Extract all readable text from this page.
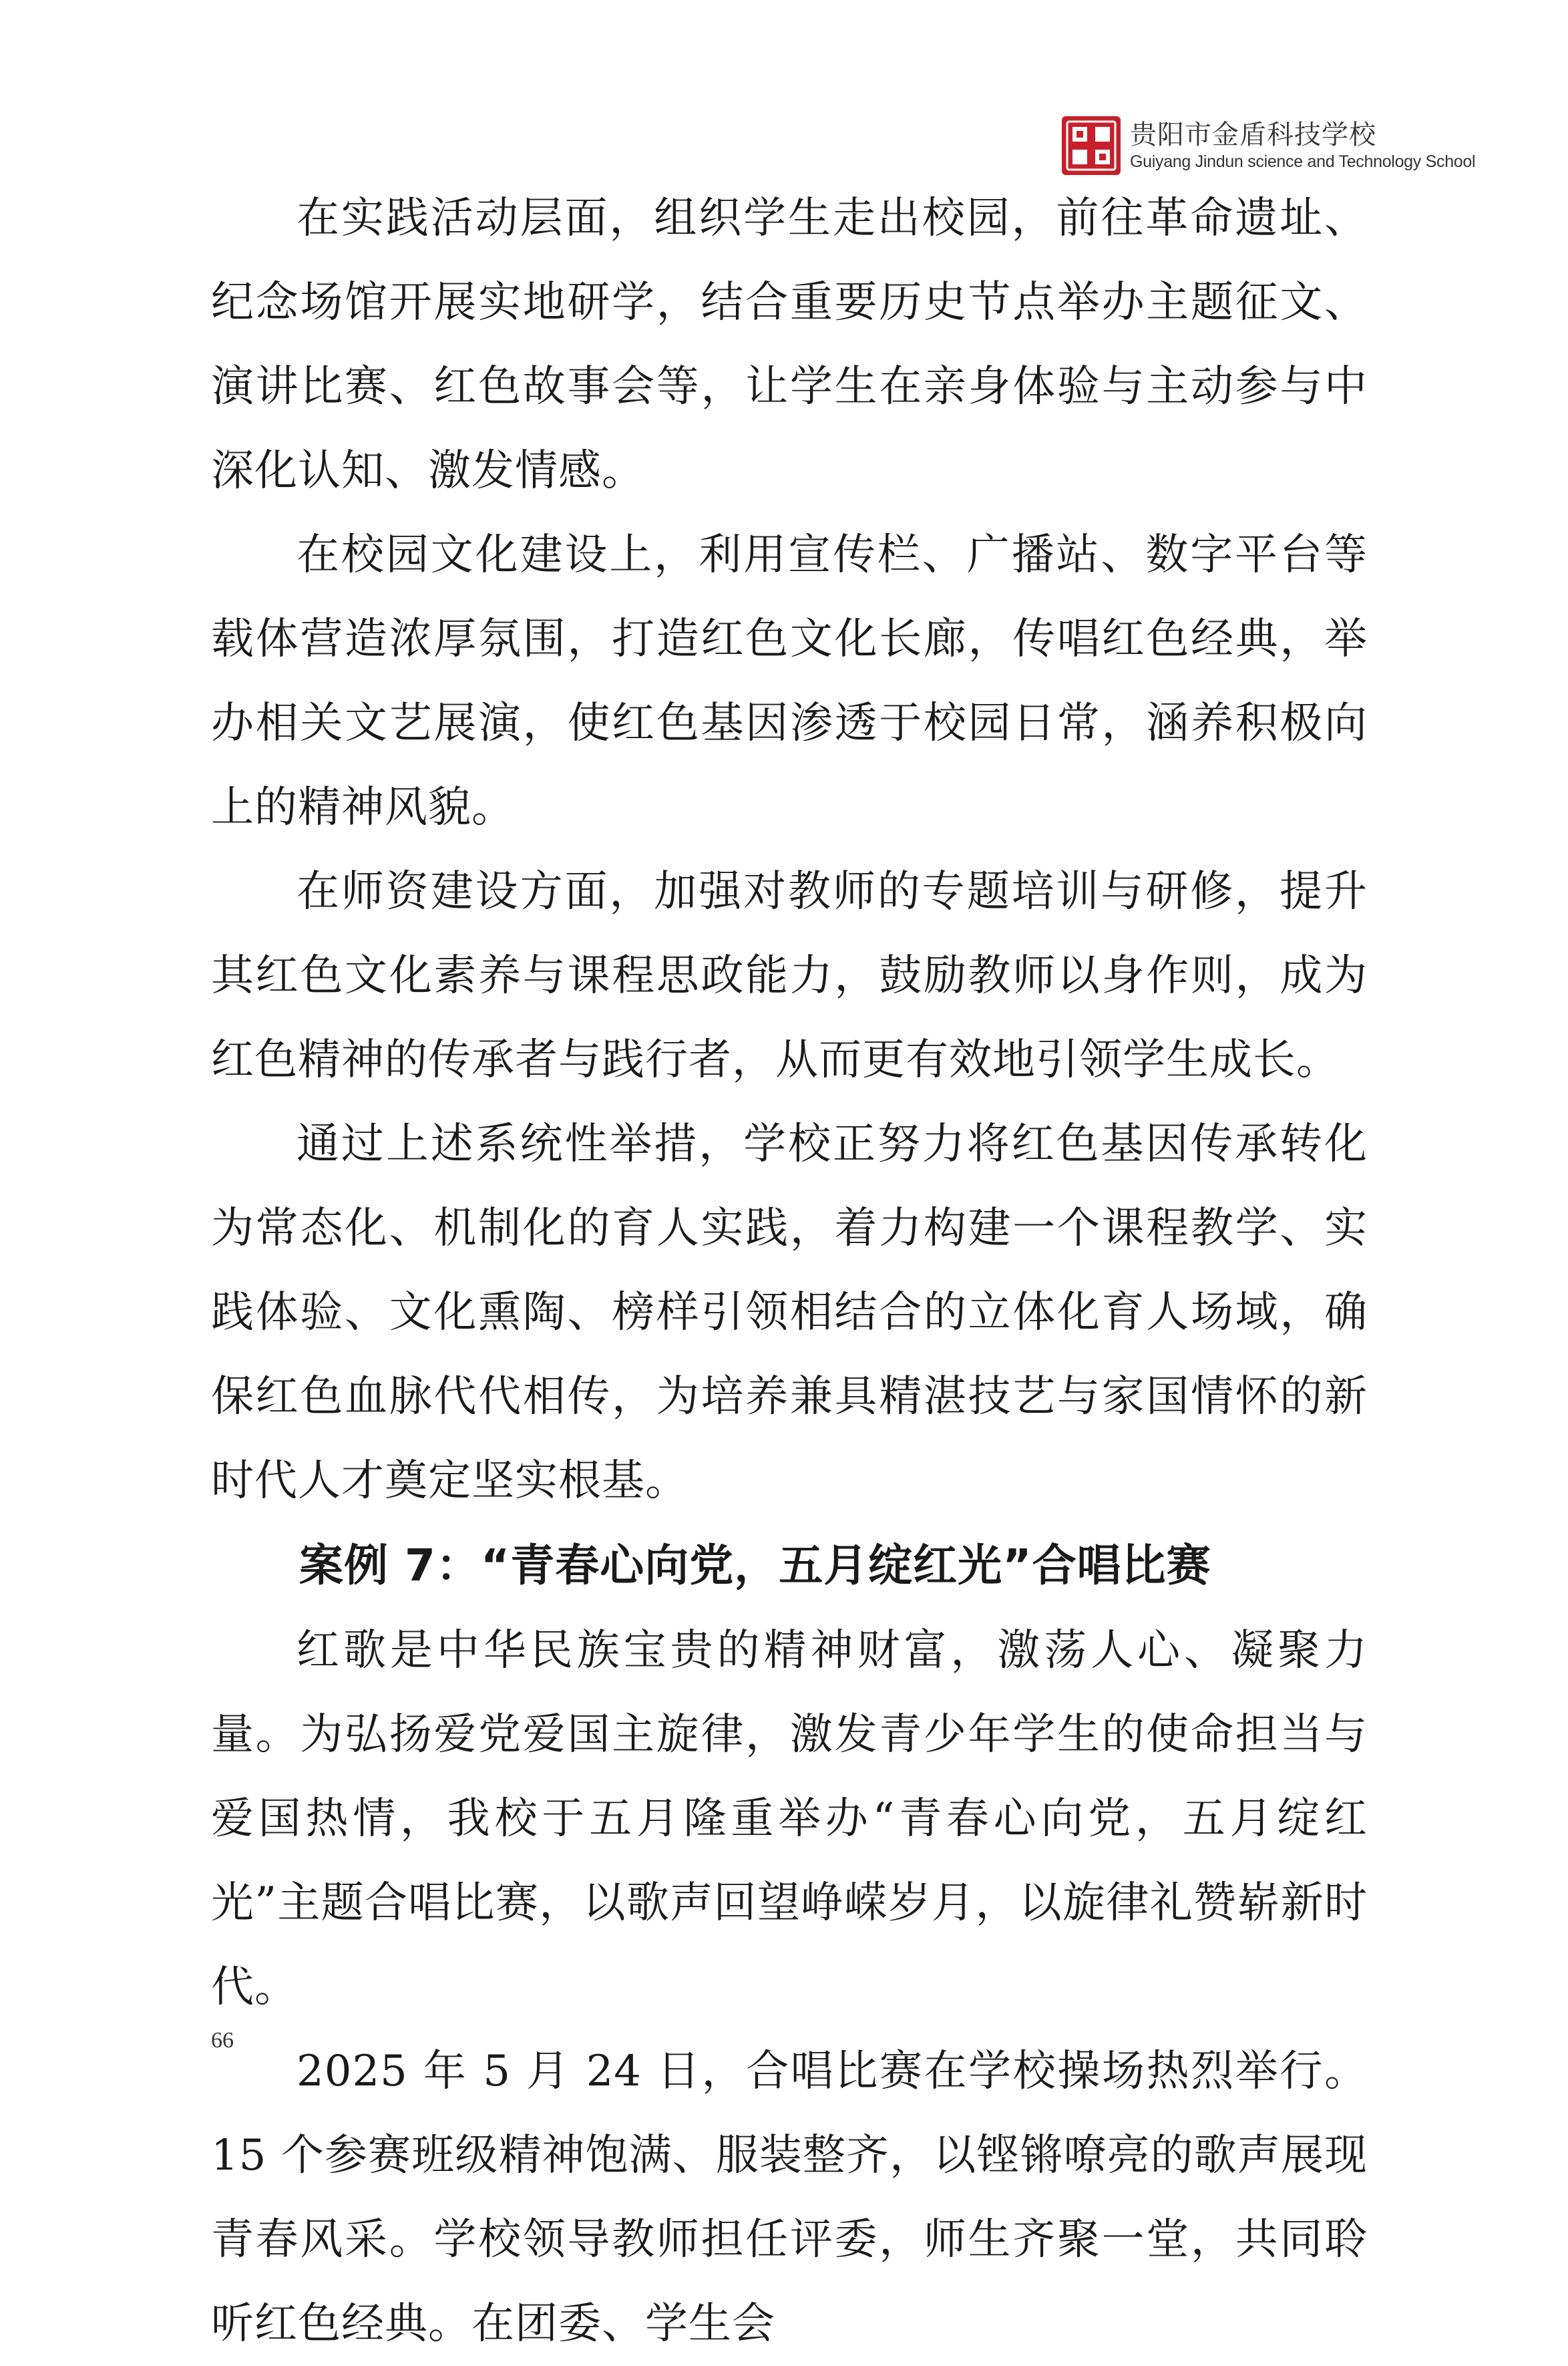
贵阳市金盾科技学校
Guiyang Jindun science and Technology School

在实践活动层面，组织学生走出校园，前往革命遗址、纪念场馆开展实地研学，结合重要历史节点举办主题征文、演讲比赛、红色故事会等，让学生在亲身体验与主动参与中深化认知、激发情感。

在校园文化建设上，利用宣传栏、广播站、数字平台等载体营造浓厚氛围，打造红色文化长廊，传唱红色经典，举办相关文艺展演，使红色基因渗透于校园日常，涵养积极向上的精神风貌。

在师资建设方面，加强对教师的专题培训与研修，提升其红色文化素养与课程思政能力，鼓励教师以身作则，成为红色精神的传承者与践行者，从而更有效地引领学生成长。

通过上述系统性举措，学校正努力将红色基因传承转化为常态化、机制化的育人实践，着力构建一个课程教学、实践体验、文化熏陶、榜样引领相结合的立体化育人场域，确保红色血脉代代相传，为培养兼具精湛技艺与家国情怀的新时代人才奠定坚实根基。

案例 7：“青春心向党，五月绽红光”合唱比赛

红歌是中华民族宝贵的精神财富，激荡人心、凝聚力量。为弘扬爱党爱国主旋律，激发青少年学生的使命担当与爱国热情，我校于五月隆重举办“青春心向党，五月绽红光”主题合唱比赛，以歌声回望峥嵘岁月，以旋律礼赞崭新时代。

2025 年 5 月 24 日，合唱比赛在学校操场热烈举行。15 个参赛班级精神饱满、服装整齐，以铿锵嘹亮的歌声展现青春风采。学校领导教师担任评委，师生齐聚一堂，共同聆听红色经典。在团委、学生会

66
